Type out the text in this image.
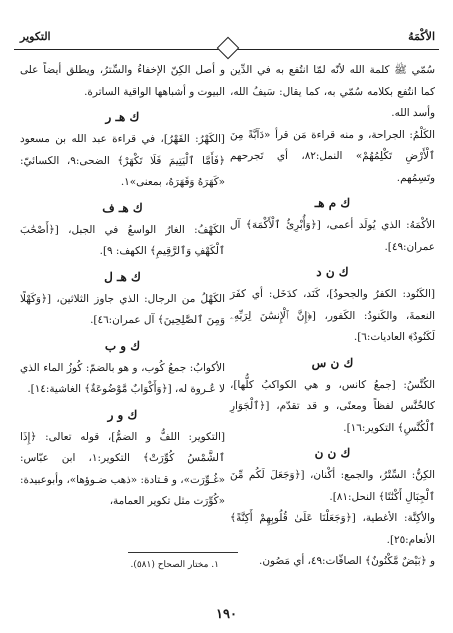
التكوير	الأكْمَهُ

سُمّي ﷺ كلمة الله لأنّه لمّا انتُفع به في الدِّين كما انتُفع بكلامه سُمّي به، كما يقال: سَيفُ الله، وأسد الله.

الكَلْمُ: الجراحة، و منه قراءة مَن قرأ «دَآبَّةً مِنَ ٱلْأَرْضِ تَكْلِمُهُمْ» النمل:٨٢، أي تَجرحهم وتَسِمُهم.

ك م هـ

الأكْمَهُ: الذي يُولَد أعمى، [﴿وَأُبْرِئُ ٱلْأَكْمَهَ﴾ آل عمران:٤٩].

ك ن د

[الكَنُود: الكفرُ والجحودُ]، كَنَد، كدَخَل: أي كفَرَ النعمةَ، والكَنودُ: الكَفور، [﴿إِنَّ ٱلْإِنسَٰنَ لِرَبِّهِۦ لَكَنُودٌ﴾ العاديات:٦].

ك ن س

الكُنَّسُ: [جمعُ كانس، و هي الكواكبُ كلُّها]، كالخُنَّس لفظاً ومعنًى، و قد تقدّم، [﴿ٱلْجَوَارِ ٱلْكُنَّسِ﴾ التكوير:١٦].

ك ن ن

الكِنُّ: السِّتْرُ، والجمع: أكْنان، [﴿وَجَعَلَ لَكُم مِّنَ ٱلْجِبَالِ أَكْنَٰنًا﴾ النحل:٨١].

والأكِنَّة: الأغطية، [﴿وَجَعَلْنَا عَلَىٰ قُلُوبِهِمْ أَكِنَّةً﴾ الأنعام:٢٥].

و ﴿بَيْضٌ مَّكْنُونٌ﴾ الصافّات:٤٩، أي مَصُون.

و أصل الكِنّ الإخفاءُ والسِّترُ، ويطلق أيضاً على البيوت و أشباهها الواقية الساترة.

ك هـ ر

[الكَهْرُ: القَهْرُ]، في قراءة عبد الله بن مسعود ﴿فَأَمَّا ٱلْيَتِيمَ فَلَا تَكْهَرْ﴾ الضحى:٩، الكسائيّ: «كَهَرَهُ وَقَهَرَهُ، بمعنى»١.

ك هـ ف

الكَهْفُ: الغارُ الواسعُ في الجبل، [﴿أَصْحَٰبَ ٱلْكَهْفِ وَٱلرَّقِيمِ﴾ الكهف: ٩].

ك هـ ل

الكَهْلُ من الرجال: الذي جاوز الثلاثين، [﴿وَكَهْلًا وَمِنَ ٱلصَّٰلِحِينَ﴾ آل عمران:٤٦].

ك و ب

الأكوابُ: جمعُ كُوب، و هو بالضمّ: كُوزُ الماء الذي لا عُـروة له، [﴿وَأَكْوَابٌ مَّوْضُوعَةٌ﴾ الغاشية:١٤].

ك و ر

[التكوير: اللفُّ و الضمُّ]، قوله تعالى: ﴿إِذَا ٱلشَّمْسُ كُوِّرَتْ﴾ التكوير:١، ابن عبّاس: «غُـوِّرَت»، و قـتادة: «ذهب ضـوؤها»، وأبوعبيدة: «كُوِّرَت مثل تكوير العمامة،

١. مختار الصحاح (٥٨١).
١٩٠
